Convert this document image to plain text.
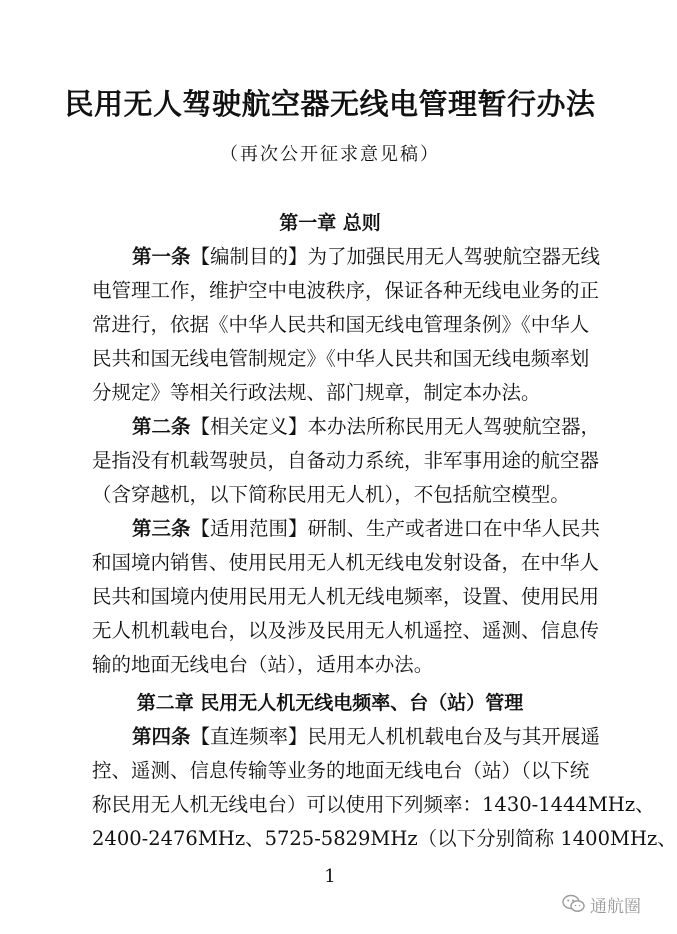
民用无人驾驶航空器无线电管理暂行办法
（再次公开征求意见稿）
第一章 总则
第一条【编制目的】为了加强民用无人驾驶航空器无线
电管理工作，维护空中电波秩序，保证各种无线电业务的正
常进行，依据《中华人民共和国无线电管理条例》《中华人
民共和国无线电管制规定》《中华人民共和国无线电频率划
分规定》等相关行政法规、部门规章，制定本办法。
第二条【相关定义】本办法所称民用无人驾驶航空器，
是指没有机载驾驶员，自备动力系统，非军事用途的航空器
（含穿越机，以下简称民用无人机），不包括航空模型。
第三条【适用范围】研制、生产或者进口在中华人民共
和国境内销售、使用民用无人机无线电发射设备，在中华人
民共和国境内使用民用无人机无线电频率，设置、使用民用
无人机机载电台，以及涉及民用无人机遥控、遥测、信息传
输的地面无线电台（站），适用本办法。
第二章 民用无人机无线电频率、台（站）管理
第四条【直连频率】民用无人机机载电台及与其开展遥
控、遥测、信息传输等业务的地面无线电台（站）（以下统
称民用无人机无线电台）可以使用下列频率：1430-1444MHz、
2400-2476MHz、5725-5829MHz（以下分别简称 1400MHz、
1
通航圈
